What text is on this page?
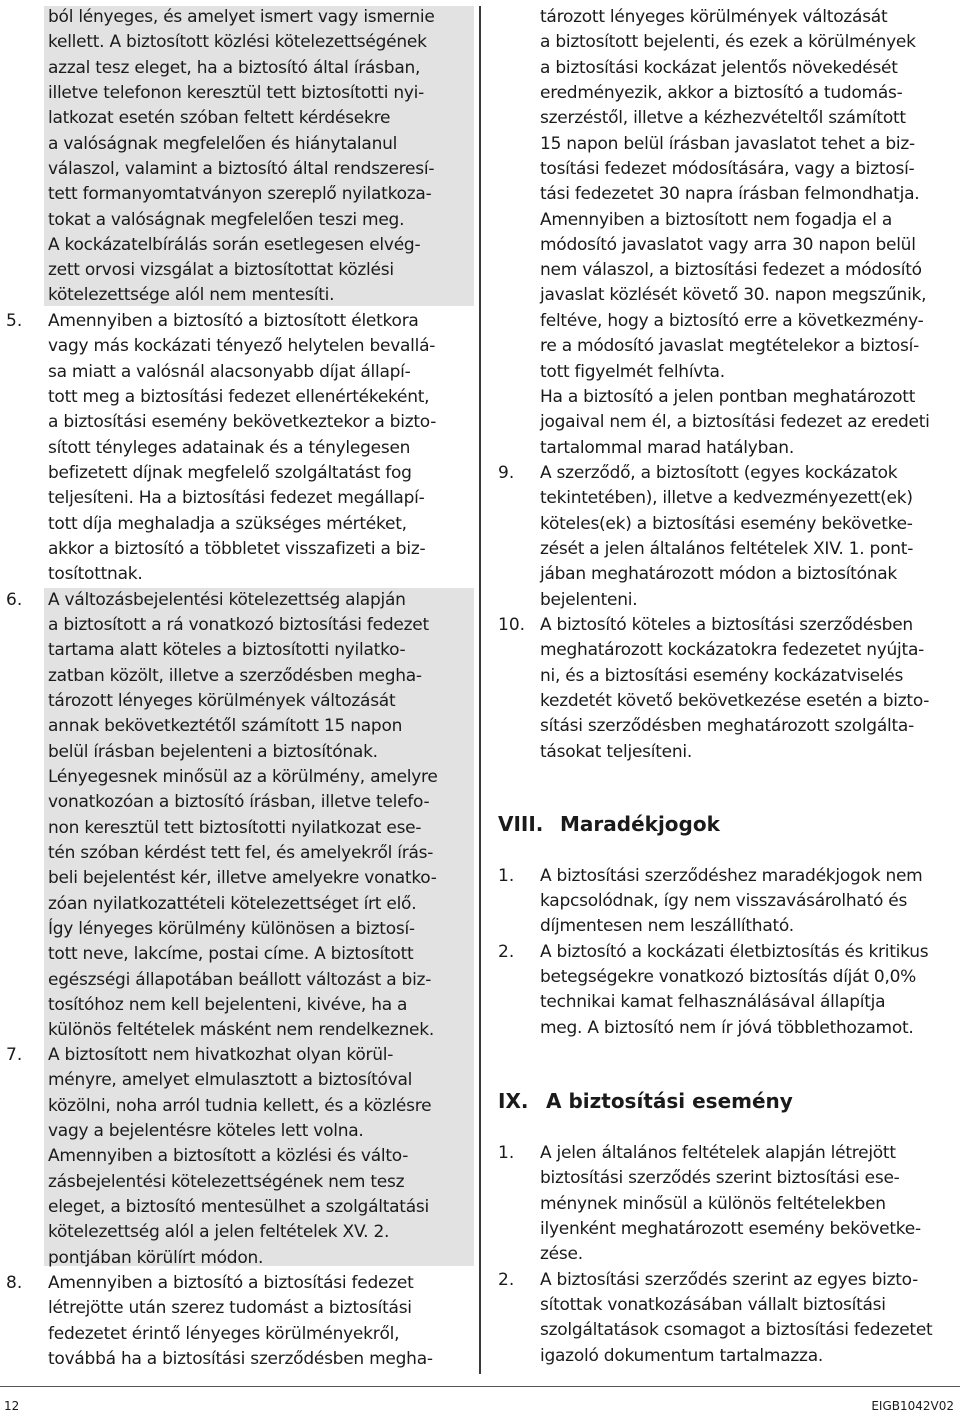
ból lényeges, és amelyet ismert vagy ismernie
kellett. A biztosított közlési kötelezettségének
azzal tesz eleget, ha a biztosító által írásban,
illetve telefonon keresztül tett biztosítotti nyi-
latkozat esetén szóban feltett kérdésekre
a valóságnak megfelelően és hiánytalanul
válaszol, valamint a biztosító által rendszeresí-
tett formanyomtatványon szereplő nyilatkoza-
tokat a valóságnak megfelelően teszi meg.
A kockázatelbírálás során esetlegesen elvég-
zett orvosi vizsgálat a biztosítottat közlési
kötelezettsége alól nem mentesíti.
5. Amennyiben a biztosító a biztosított életkora
vagy más kockázati tényező helytelen bevallá-
sa miatt a valósnál alacsonyabb díjat állapí-
tott meg a biztosítási fedezet ellenértékeként,
a biztosítási esemény bekövetkeztekor a bizto-
sított tényleges adatainak és a ténylegesen
befizetett díjnak megfelelő szolgáltatást fog
teljesíteni. Ha a biztosítási fedezet megállapí-
tott díja meghaladja a szükséges mértéket,
akkor a biztosító a többletet visszafizeti a biz-
tosítottnak.
6. A változásbejelentési kötelezettség alapján
a biztosított a rá vonatkozó biztosítási fedezet
tartama alatt köteles a biztosítotti nyilatko-
zatban közölt, illetve a szerződésben megha-
tározott lényeges körülmények változását
annak bekövetkeztétől számított 15 napon
belül írásban bejelenteni a biztosítónak.
Lényegesnek minősül az a körülmény, amelyre
vonatkozóan a biztosító írásban, illetve telefo-
non keresztül tett biztosítotti nyilatkozat ese-
tén szóban kérdést tett fel, és amelyekről írás-
beli bejelentést kér, illetve amelyekre vonatko-
zóan nyilatkozattételi kötelezettséget írt elő.
Így lényeges körülmény különösen a biztosí-
tott neve, lakcíme, postai címe. A biztosított
egészségi állapotában beállott változást a biz-
tosítóhoz nem kell bejelenteni, kivéve, ha a
különös feltételek másként nem rendelkeznek.
7. A biztosított nem hivatkozhat olyan körül-
ményre, amelyet elmulasztott a biztosítóval
közölni, noha arról tudnia kellett, és a közlésre
vagy a bejelentésre köteles lett volna.
Amennyiben a biztosított a közlési és válto-
zásbejelentési kötelezettségének nem tesz
eleget, a biztosító mentesülhet a szolgáltatási
kötelezettség alól a jelen feltételek XV. 2.
pontjában körülírt módon.
8. Amennyiben a biztosító a biztosítási fedezet
létrejötte után szerez tudomást a biztosítási
fedezetet érintő lényeges körülményekről,
továbbá ha a biztosítási szerződésben megha-
tározott lényeges körülmények változását
a biztosított bejelenti, és ezek a körülmények
a biztosítási kockázat jelentős növekedését
eredményezik, akkor a biztosító a tudomás-
szerzéstől, illetve a kézhezvételtől számított
15 napon belül írásban javaslatot tehet a biz-
tosítási fedezet módosítására, vagy a biztosí-
tási fedezetet 30 napra írásban felmondhatja.
Amennyiben a biztosított nem fogadja el a
módosító javaslatot vagy arra 30 napon belül
nem válaszol, a biztosítási fedezet a módosító
javaslat közlését követő 30. napon megszűnik,
feltéve, hogy a biztosító erre a következmény-
re a módosító javaslat megtételekor a biztosí-
tott figyelmét felhívta.
Ha a biztosító a jelen pontban meghatározott
jogaival nem él, a biztosítási fedezet az eredeti
tartalommal marad hatályban.
9. A szerződő, a biztosított (egyes kockázatok
tekintetében), illetve a kedvezményezett(ek)
köteles(ek) a biztosítási esemény bekövetke-
zését a jelen általános feltételek XIV. 1. pont-
jában meghatározott módon a biztosítónak
bejelenteni.
10. A biztosító köteles a biztosítási szerződésben
meghatározott kockázatokra fedezetet nyújta-
ni, és a biztosítási esemény kockázatviselés
kezdetét követő bekövetkezése esetén a bizto-
sítási szerződésben meghatározott szolgálta-
tásokat teljesíteni.
VIII. Maradékjogok
1. A biztosítási szerződéshez maradékjogok nem
kapcsolódnak, így nem visszavásárolható és
díjmentesen nem leszállítható.
2. A biztosító a kockázati életbiztosítás és kritikus
betegségekre vonatkozó biztosítás díját 0,0%
technikai kamat felhasználásával állapítja
meg. A biztosító nem ír jóvá többlethozamot.
IX. A biztosítási esemény
1. A jelen általános feltételek alapján létrejött
biztosítási szerződés szerint biztosítási ese-
ménynek minősül a különös feltételekben
ilyenként meghatározott esemény bekövetke-
zése.
2. A biztosítási szerződés szerint az egyes bizto-
sítottak vonatkozásában vállalt biztosítási
szolgáltatások csomagot a biztosítási fedezetet
igazoló dokumentum tartalmazza.
12	EIGB1042V02
